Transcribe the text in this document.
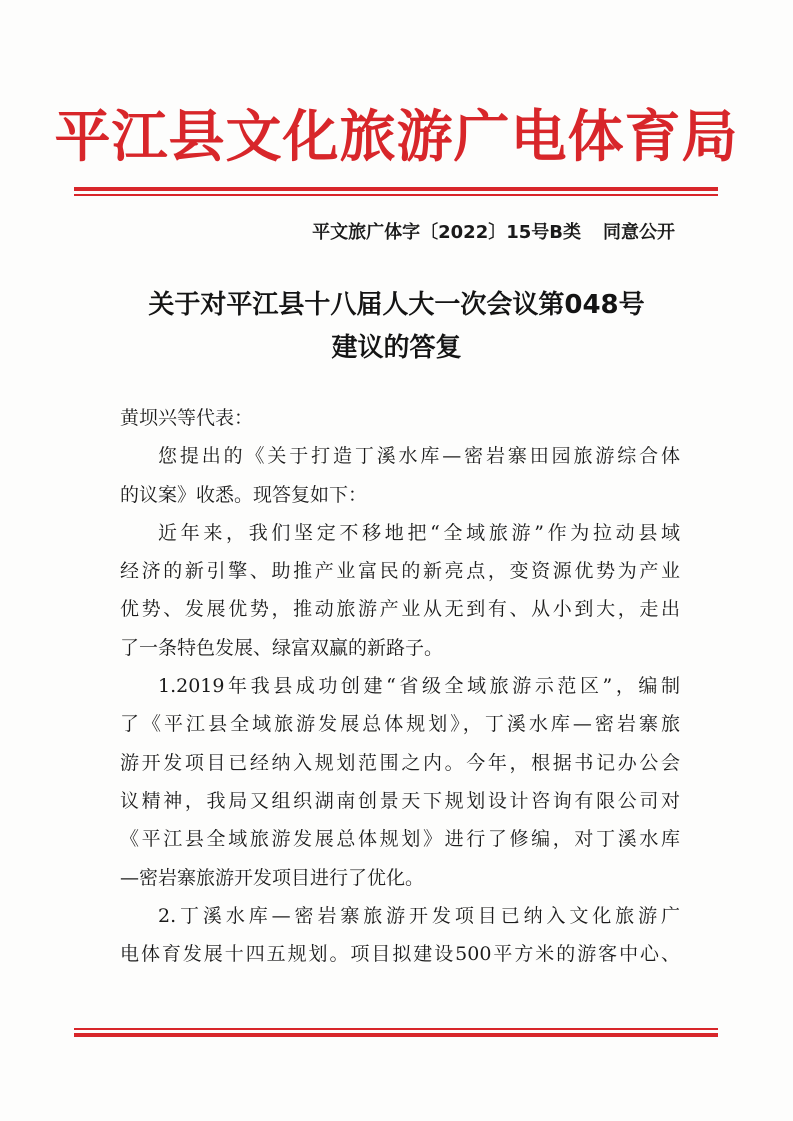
平江县文化旅游广电体育局
平文旅广体字〔2022〕15号B类 同意公开
关于对平江县十八届人大一次会议第048号
建议的答复
黄坝兴等代表：
您提出的《关于打造丁溪水库—密岩寨田园旅游综合体
的议案》收悉。现答复如下：
近年来，我们坚定不移地把“全域旅游”作为拉动县域
经济的新引擎、助推产业富民的新亮点，变资源优势为产业
优势、发展优势，推动旅游产业从无到有、从小到大，走出
了一条特色发展、绿富双赢的新路子。
1.2019年我县成功创建“省级全域旅游示范区”，编制
了《平江县全域旅游发展总体规划》，丁溪水库—密岩寨旅
游开发项目已经纳入规划范围之内。今年，根据书记办公会
议精神，我局又组织湖南创景天下规划设计咨询有限公司对
《平江县全域旅游发展总体规划》进行了修编，对丁溪水库
—密岩寨旅游开发项目进行了优化。
2.丁溪水库—密岩寨旅游开发项目已纳入文化旅游广
电体育发展十四五规划。项目拟建设500平方米的游客中心、
